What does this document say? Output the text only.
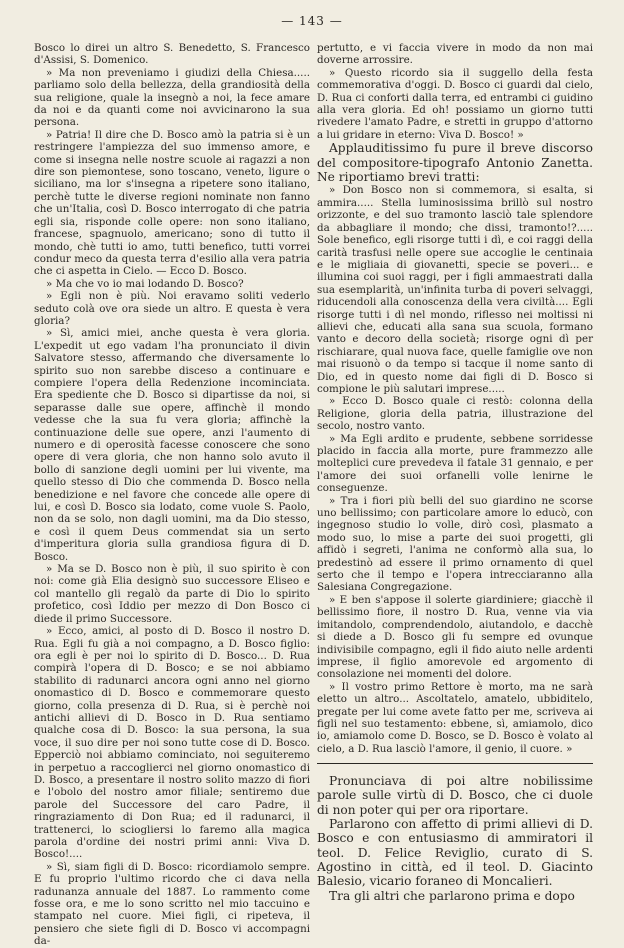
— 143 —

Bosco lo direi un altro S. Benedetto, S. Francesco d'Assisi, S. Domenico.

» Ma non preveniamo i giudizi della Chiesa..... parliamo solo della bellezza, della grandiosità della sua religione, quale la insegnò a noi, la fece amare da noi e da quanti come noi avvicinarono la sua persona.

» Patria! Il dire che D. Bosco amò la patria si è un restringere l'ampiezza del suo immenso amore, e come si insegna nelle nostre scuole ai ragazzi a non dire son piemontese, sono toscano, veneto, ligure o siciliano, ma lor s'insegna a ripetere sono italiano, perchè tutte le diverse regioni nominate non fanno che un'Italia, così D. Bosco interrogato di che patria egli sia, risponde colle opere: non sono italiano, francese, spagnuolo, americano; sono di tutto il mondo, chè tutti io amo, tutti benefico, tutti vorrei condur meco da questa terra d'esilio alla vera patria che ci aspetta in Cielo. — Ecco D. Bosco.

» Ma che vo io mai lodando D. Bosco?

» Egli non è più. Noi eravamo soliti vederlo seduto colà ove ora siede un altro. E questa è vera gloria?

» Sì, amici miei, anche questa è vera gloria. L'expedit ut ego vadam l'ha pronunciato il divin Salvatore stesso, affermando che diversamente lo spirito suo non sarebbe disceso a continuare e compiere l'opera della Redenzione incominciata. Era spediente che D. Bosco si dipartisse da noi, si separasse dalle sue opere, affinchè il mondo vedesse che la sua fu vera gloria; affinchè la continuazione delle sue opere, anzi l'aumento di numero e di operosità facesse conoscere che sono opere di vera gloria, che non hanno solo avuto il bollo di sanzione degli uomini per lui vivente, ma quello stesso di Dio che commenda D. Bosco nella benedizione e nel favore che concede alle opere di lui, e così D. Bosco sia lodato, come vuole S. Paolo, non da se solo, non dagli uomini, ma da Dio stesso, e così il quem Deus commendat sia un serto d'imperitura gloria sulla grandiosa figura di D. Bosco.

» Ma se D. Bosco non è più, il suo spirito è con noi: come già Elia designò suo successore Eliseo e col mantello gli regalò da parte di Dio lo spirito profetico, così Iddio per mezzo di Don Bosco ci diede il primo Successore.

» Ecco, amici, al posto di D. Bosco il nostro D. Rua. Egli fu già a noi compagno, a D. Bosco figlio: ora egli è per noi lo spirito di D. Bosco... D. Rua compirà l'opera di D. Bosco; e se noi abbiamo stabilito di radunarci ancora ogni anno nel giorno onomastico di D. Bosco e commemorare questo giorno, colla presenza di D. Rua, si è perchè noi antichi allievi di D. Bosco in D. Rua sentiamo qualche cosa di D. Bosco: la sua persona, la sua voce, il suo dire per noi sono tutte cose di D. Bosco. Epperciò noi abbiamo cominciato, noi seguiteremo in perpetuo a raccoglierci nel giorno onomastico di D. Bosco, a presentare il nostro solito mazzo di fiori e l'obolo del nostro amor filiale; sentiremo due parole del Successore del caro Padre, il ringraziamento di Don Rua; ed il radunarci, il trattenerci, lo sciogliersi lo faremo alla magica parola d'ordine dei nostri primi anni: Viva D. Bosco!....

» Sì, siam figli di D. Bosco: ricordiamolo sempre. E fu proprio l'ultimo ricordo che ci dava nella radunanza annuale del 1887. Lo rammento come fosse ora, e me lo sono scritto nel mio taccuino e stampato nel cuore. Miei figli, ci ripeteva, il pensiero che siete figli di D. Bosco vi accompagni da-

pertutto, e vi faccia vivere in modo da non mai doverne arrossire.

» Questo ricordo sia il suggello della festa commemorativa d'oggi. D. Bosco ci guardi dal cielo, D. Rua ci conforti dalla terra, ed entrambi ci guidino alla vera gloria. Ed oh! possiamo un giorno tutti rivedere l'amato Padre, e stretti in gruppo d'attorno a lui gridare in eterno: Viva D. Bosco! »

Applauditissimo fu pure il breve discorso del compositore-tipografo Antonio Zanetta. Ne riportiamo brevi tratti:

» Don Bosco non si commemora, si esalta, si ammira..... Stella luminosissima brillò sul nostro orizzonte, e del suo tramonto lasciò tale splendore da abbagliare il mondo; che dissi, tramonto!?..... Sole benefico, egli risorge tutti i dì, e coi raggi della carità trasfusi nelle opere sue accoglie le centinaia e le migliaia di giovanetti, specie se poveri... e illumina coi suoi raggi, per i figli ammaestrati dalla sua esemplarità, un'infinita turba di poveri selvaggi, riducendoli alla conoscenza della vera civiltà.... Egli risorge tutti i dì nel mondo, riflesso nei moltissi ni allievi che, educati alla sana sua scuola, formano vanto e decoro della società; risorge ogni dì per rischiarare, qual nuova face, quelle famiglie ove non mai risuonò o da tempo si tacque il nome santo di Dio, ed in questo nome dai figli di D. Bosco si compione le più salutari imprese.....

» Ecco D. Bosco quale ci restò: colonna della Religione, gloria della patria, illustrazione del secolo, nostro vanto.

» Ma Egli ardito e prudente, sebbene sorridesse placido in faccia alla morte, pure frammezzo alle molteplici cure prevedeva il fatale 31 gennaio, e per l'amore dei suoi orfanelli volle lenirne le conseguenze.

» Tra i fiori più belli del suo giardino ne scorse uno bellissimo; con particolare amore lo educò, con ingegnoso studio lo volle, dirò così, plasmato a modo suo, lo mise a parte dei suoi progetti, gli affidò i segreti, l'anima ne conformò alla sua, lo predestinò ad essere il primo ornamento di quel serto che il tempo e l'opera intrecciaranno alla Salesiana Congregazione.

» E ben s'appose il solerte giardiniere; giacchè il bellissimo fiore, il nostro D. Rua, venne via via imitandolo, comprendendolo, aiutandolo, e dacchè si diede a D. Bosco gli fu sempre ed ovunque indivisibile compagno, egli il fido aiuto nelle ardenti imprese, il figlio amorevole ed argomento di consolazione nei momenti del dolore.

» Il vostro primo Rettore è morto, ma ne sarà eletto un altro... Ascoltatelo, amatelo, ubbiditelo, pregate per lui come avete fatto per me, scriveva ai figli nel suo testamento: ebbene, sì, amiamolo, dico io, amiamolo come D. Bosco, se D. Bosco è volato al cielo, a D. Rua lasciò l'amore, il genio, il cuore. »

Pronunciava di poi altre nobilissime parole sulle virtù di D. Bosco, che ci duole di non poter qui per ora riportare.

Parlarono con affetto di primi allievi di D. Bosco e con entusiasmo di ammiratori il teol. D. Felice Reviglio, curato di S. Agostino in città, ed il teol. D. Giacinto Balesio, vicario foraneo di Moncalieri.

Tra gli altri che parlarono prima e dopo
